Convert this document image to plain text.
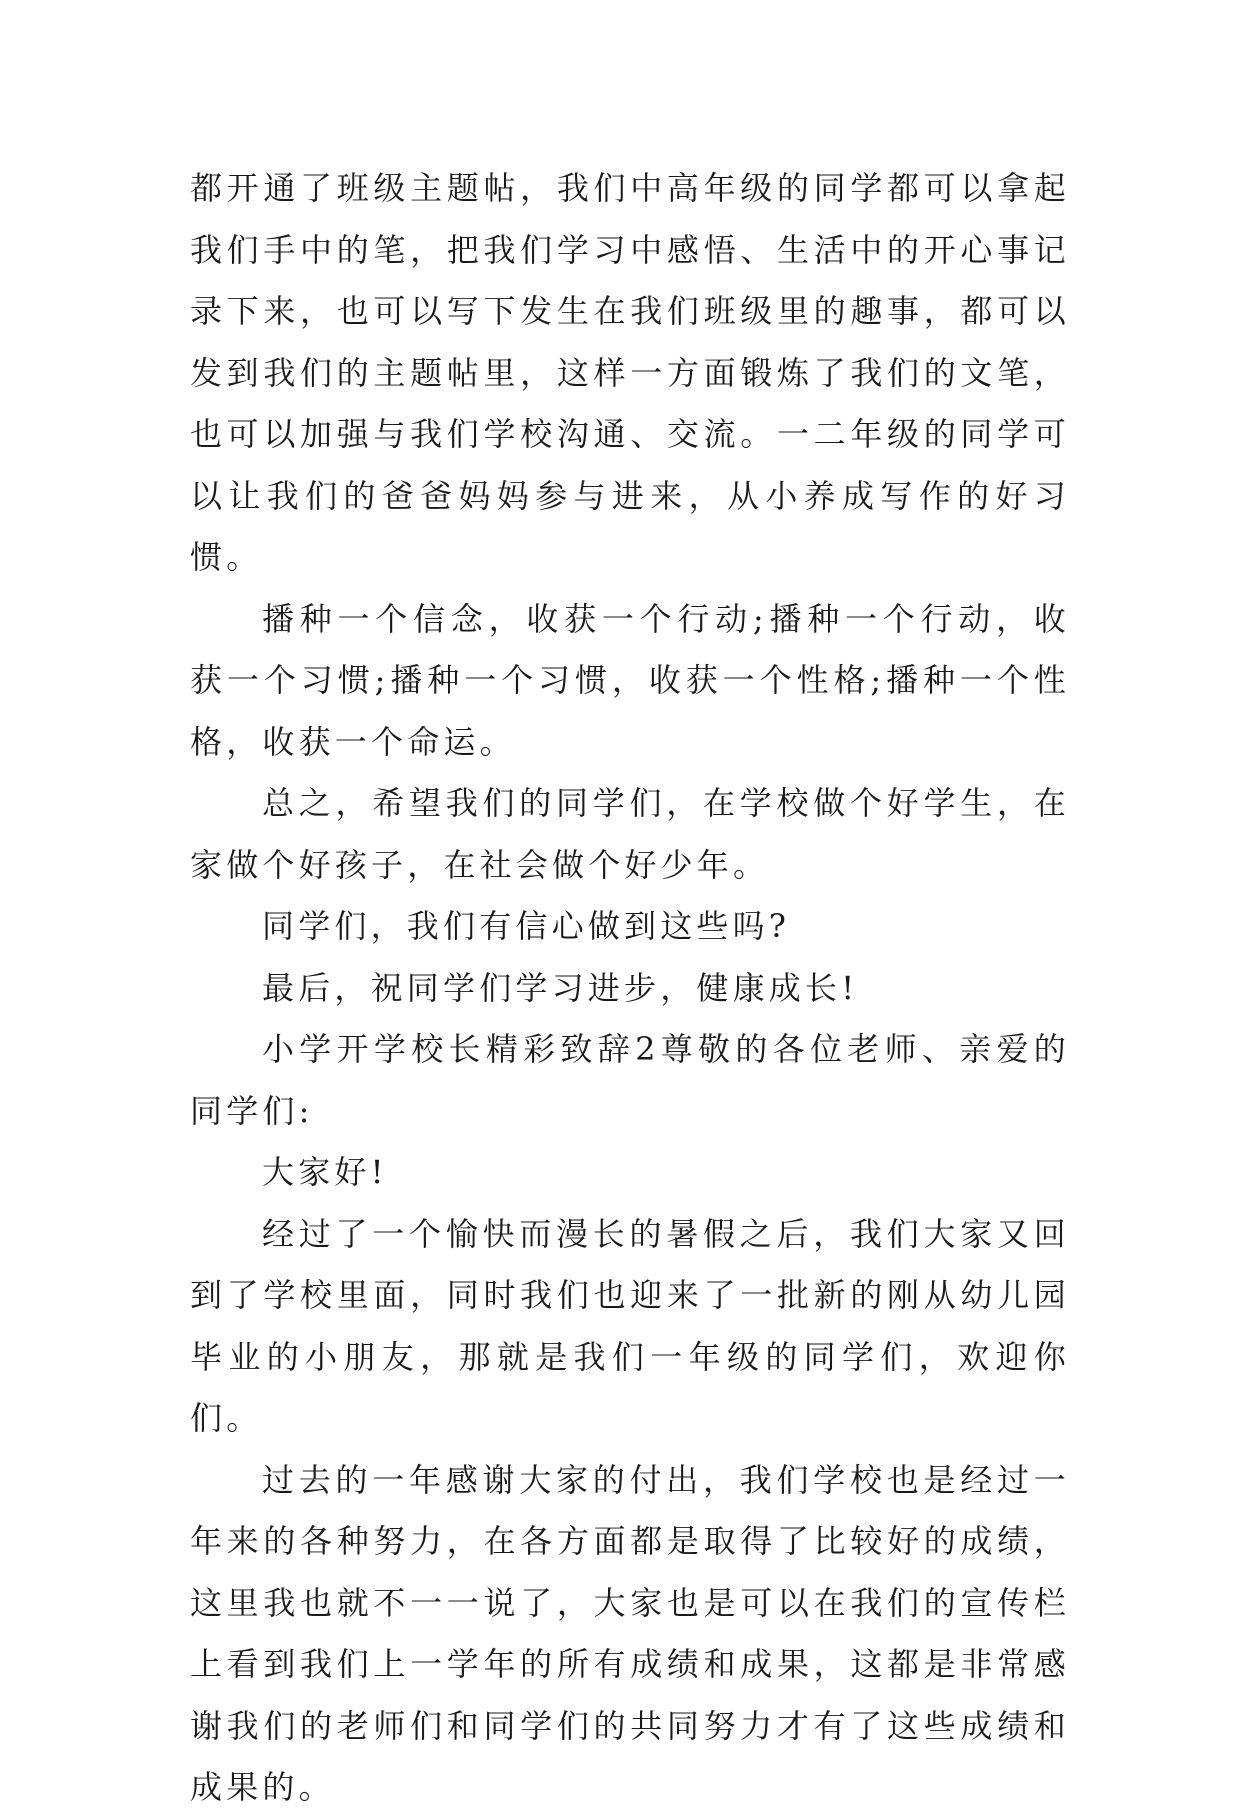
都开通了班级主题帖，我们中高年级的同学都可以拿起我们手中的笔，把我们学习中感悟、生活中的开心事记录下来，也可以写下发生在我们班级里的趣事，都可以发到我们的主题帖里，这样一方面锻炼了我们的文笔，也可以加强与我们学校沟通、交流。一二年级的同学可以让我们的爸爸妈妈参与进来，从小养成写作的好习惯。

播种一个信念，收获一个行动;播种一个行动，收获一个习惯;播种一个习惯，收获一个性格;播种一个性格，收获一个命运。

总之，希望我们的同学们，在学校做个好学生，在家做个好孩子，在社会做个好少年。

同学们，我们有信心做到这些吗?

最后，祝同学们学习进步，健康成长!

小学开学校长精彩致辞2尊敬的各位老师、亲爱的同学们:

大家好!

经过了一个愉快而漫长的暑假之后，我们大家又回到了学校里面，同时我们也迎来了一批新的刚从幼儿园毕业的小朋友，那就是我们一年级的同学们，欢迎你们。

过去的一年感谢大家的付出，我们学校也是经过一年来的各种努力，在各方面都是取得了比较好的成绩，这里我也就不一一说了，大家也是可以在我们的宣传栏上看到我们上一学年的所有成绩和成果，这都是非常感谢我们的老师们和同学们的共同努力才有了这些成绩和成果的。
